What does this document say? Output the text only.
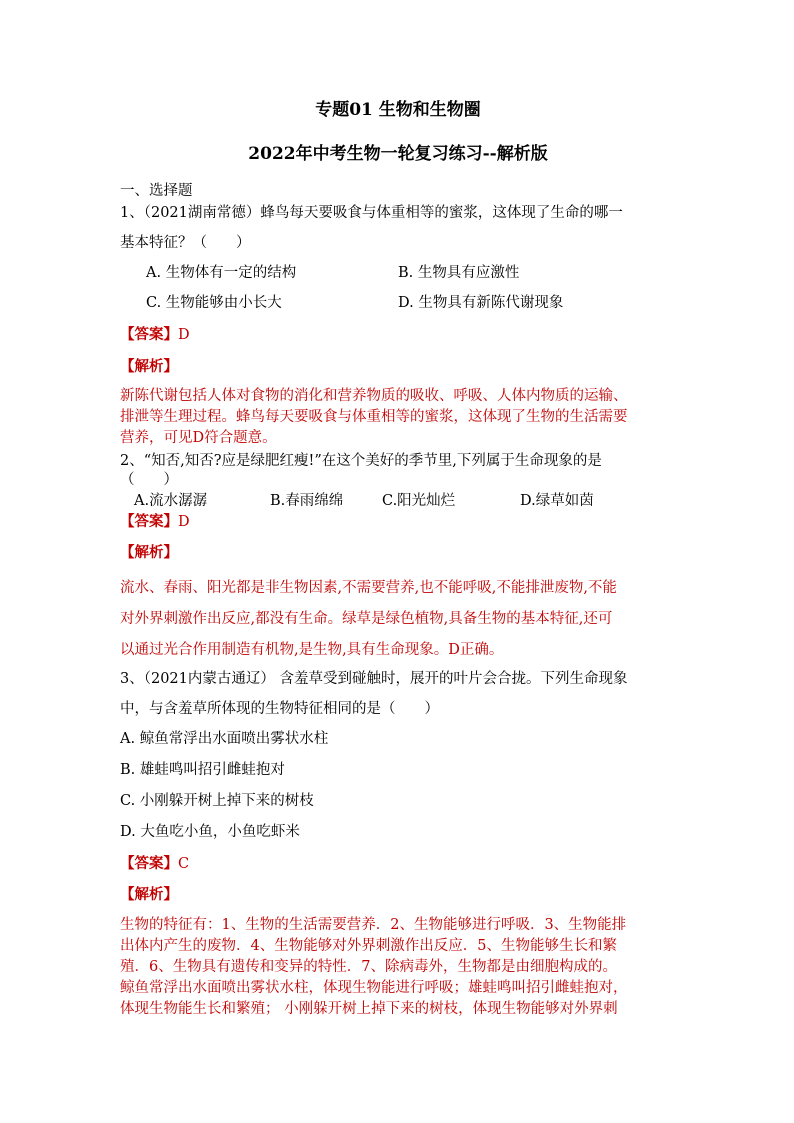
专题01 生物和生物圈
2022年中考生物一轮复习练习--解析版
一、选择题
1、（2021湖南常德）蜂鸟每天要吸食与体重相等的蜜浆，这体现了生命的哪一
基本特征？（　　）
A. 生物体有一定的结构	B. 生物具有应激性
C. 生物能够由小长大	D. 生物具有新陈代谢现象
【答案】D
【解析】
新陈代谢包括人体对食物的消化和营养物质的吸收、呼吸、人体内物质的运输、
排泄等生理过程。蜂鸟每天要吸食与体重相等的蜜浆，这体现了生物的生活需要
营养，可见D符合题意。
2、“知否,知否?应是绿肥红瘦!”在这个美好的季节里,下列属于生命现象的是
（　　）
A.流水潺潺	B.春雨绵绵	C.阳光灿烂	D.绿草如茵
【答案】D
【解析】
流水、春雨、阳光都是非生物因素,不需要营养,也不能呼吸,不能排泄废物,不能
对外界刺激作出反应,都没有生命。绿草是绿色植物,具备生物的基本特征,还可
以通过光合作用制造有机物,是生物,具有生命现象。D正确。
3、（2021内蒙古通辽） 含羞草受到碰触时，展开的叶片会合拢。下列生命现象
中，与含羞草所体现的生物特征相同的是（　　）
A. 鲸鱼常浮出水面喷出雾状水柱
B. 雄蛙鸣叫招引雌蛙抱对
C. 小刚躲开树上掉下来的树枝
D. 大鱼吃小鱼，小鱼吃虾米
【答案】C
【解析】
生物的特征有：1、生物的生活需要营养．2、生物能够进行呼吸．3、生物能排
出体内产生的废物．4、生物能够对外界刺激作出反应．5、生物能够生长和繁
殖．6、生物具有遗传和变异的特性．7、除病毒外，生物都是由细胞构成的。
鲸鱼常浮出水面喷出雾状水柱，体现生物能进行呼吸；雄蛙鸣叫招引雌蛙抱对，
体现生物能生长和繁殖； 小刚躲开树上掉下来的树枝，体现生物能够对外界刺
